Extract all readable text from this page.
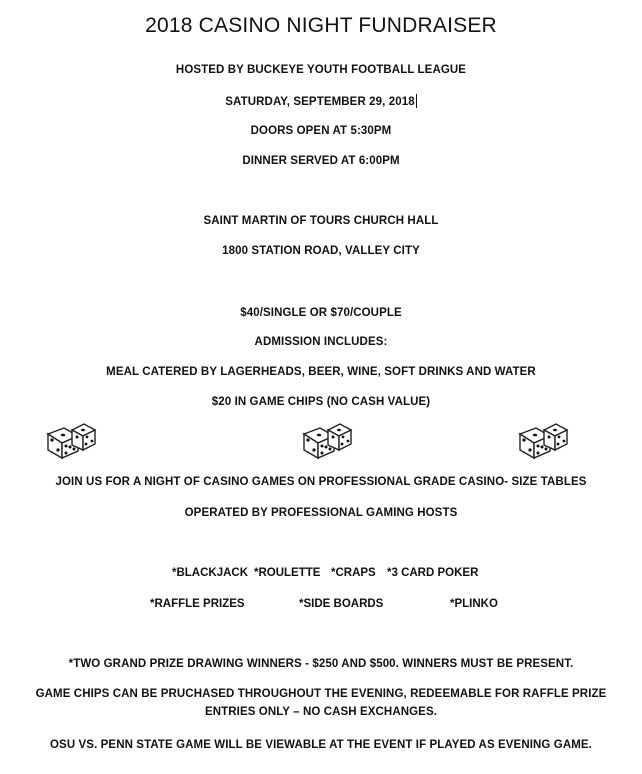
2018 CASINO NIGHT FUNDRAISER
HOSTED BY BUCKEYE YOUTH FOOTBALL LEAGUE
SATURDAY, SEPTEMBER 29, 2018
DOORS OPEN AT 5:30PM
DINNER SERVED AT 6:00PM
SAINT MARTIN OF TOURS CHURCH HALL
1800 STATION ROAD, VALLEY CITY
$40/SINGLE OR $70/COUPLE
ADMISSION INCLUDES:
MEAL CATERED BY LAGERHEADS, BEER, WINE, SOFT DRINKS AND WATER
$20 IN GAME CHIPS (NO CASH VALUE)
JOIN US FOR A NIGHT OF CASINO GAMES ON PROFESSIONAL GRADE CASINO- SIZE TABLES
OPERATED BY PROFESSIONAL GAMING HOSTS
*BLACKJACK *ROULETTE *CRAPS *3 CARD POKER
*RAFFLE PRIZES	*SIDE BOARDS	*PLINKO
*TWO GRAND PRIZE DRAWING WINNERS - $250 AND $500. WINNERS MUST BE PRESENT.
GAME CHIPS CAN BE PRUCHASED THROUGHOUT THE EVENING, REDEEMABLE FOR RAFFLE PRIZE
ENTRIES ONLY – NO CASH EXCHANGES.
OSU VS. PENN STATE GAME WILL BE VIEWABLE AT THE EVENT IF PLAYED AS EVENING GAME.
